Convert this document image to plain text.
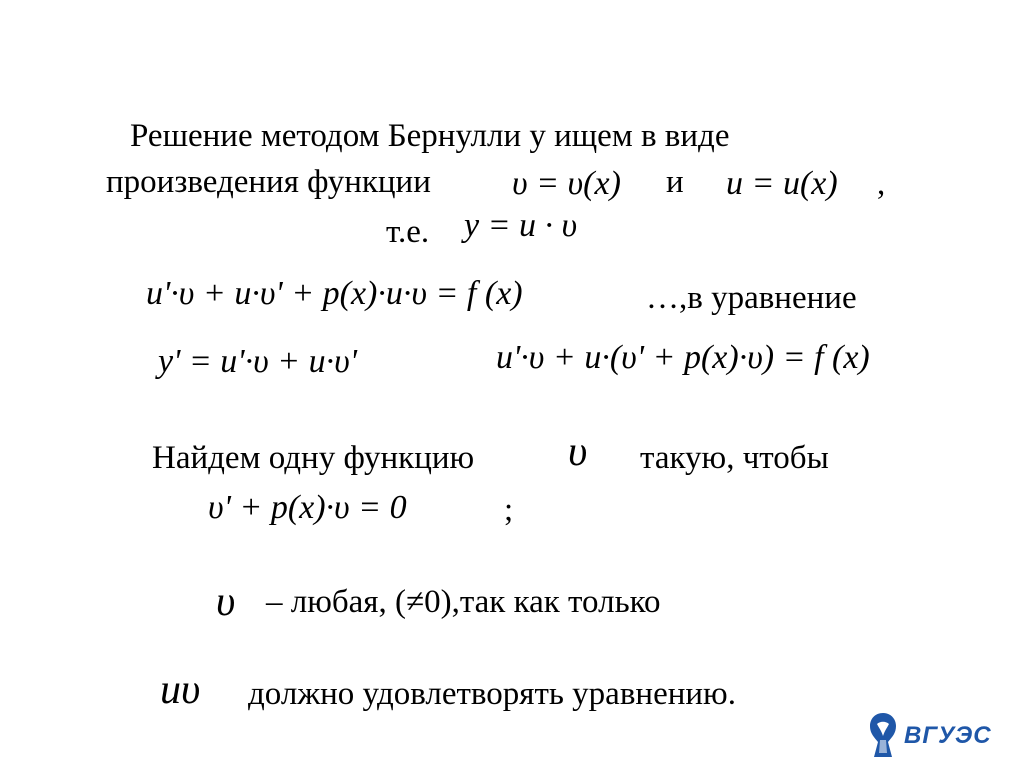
Решение методом Бернулли y ищем в виде
произведения функции υ = υ(x) и u = u(x) ,
т.е. y = u · υ
u'·υ + u·υ' + p(x)·u·υ = f (x)	…,в уравнение
y' = u'·υ + u·υ'	u'·υ + u·(υ' + p(x)·υ) = f (x)
Найдем одну функцию υ такую, чтобы
υ' + p(x)·υ = 0	;
υ – любая, (≠0),так как только
uυ должно удовлетворять уравнению.
ВГУЭС
